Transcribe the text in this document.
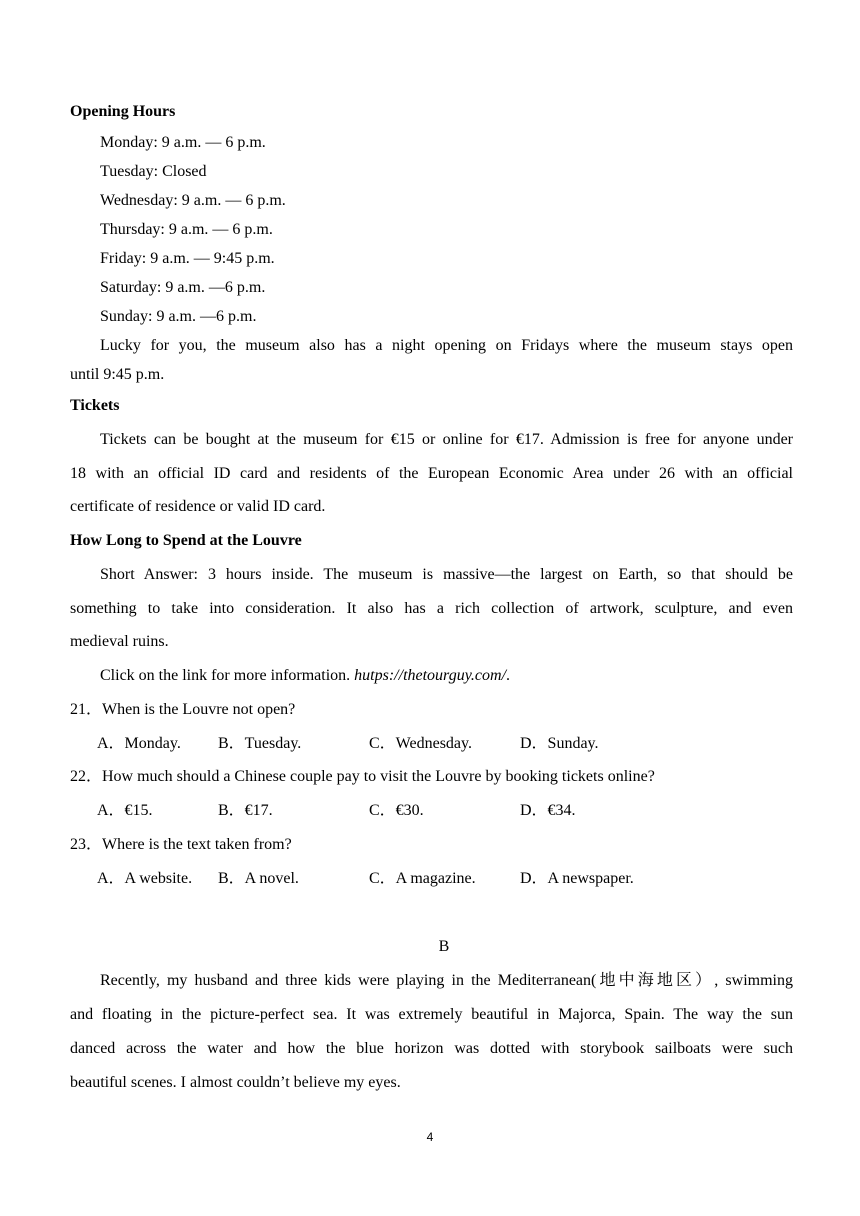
Opening Hours
Monday: 9 a.m. — 6 p.m.
Tuesday: Closed
Wednesday: 9 a.m. — 6 p.m.
Thursday: 9 a.m. — 6 p.m.
Friday: 9 a.m. — 9:45 p.m.
Saturday: 9 a.m. —6 p.m.
Sunday: 9 a.m. —6 p.m.
Lucky for you, the museum also has a night opening on Fridays where the museum stays open
until 9:45 p.m.
Tickets
Tickets can be bought at the museum for €15 or online for €17. Admission is free for anyone under
18 with an official ID card and residents of the European Economic Area under 26 with an official
certificate of residence or valid ID card.
How Long to Spend at the Louvre
Short Answer: 3 hours inside. The museum is massive—the largest on Earth, so that should be
something to take into consideration. It also has a rich collection of artwork, sculpture, and even
medieval ruins.
Click on the link for more information. hutps://thetourguy.com/.
21．When is the Louvre not open?
A．Monday. B．Tuesday.	C．Wednesday.	D．Sunday.
22．How much should a Chinese couple pay to visit the Louvre by booking tickets online?
A．€15.	B．€17.	C．€30.	D．€34.
23．Where is the text taken from?
A．A website. B．A novel.	C．A magazine.	D．A newspaper.
B
Recently, my husband and three kids were playing in the Mediterranean(地中海地区）, swimming
and floating in the picture-perfect sea. It was extremely beautiful in Majorca, Spain. The way the sun
danced across the water and how the blue horizon was dotted with storybook sailboats were such
beautiful scenes. I almost couldn’t believe my eyes.
4
